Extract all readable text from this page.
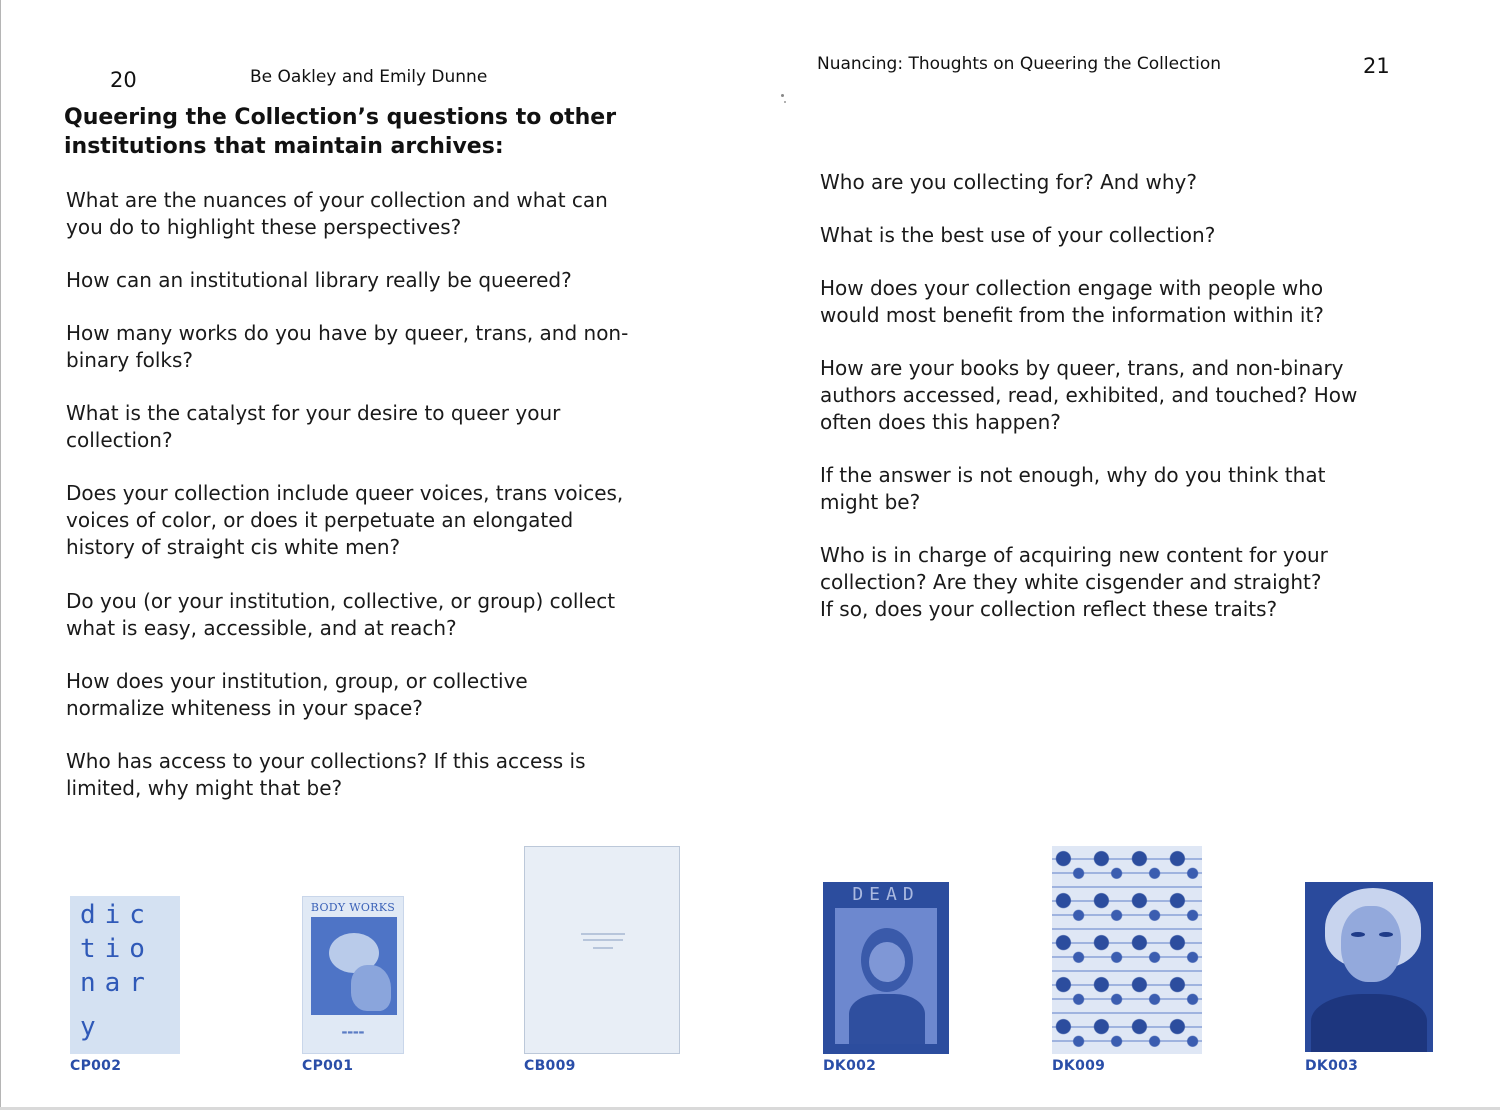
20	Be Oakley and Emily Dunne
Queering the Collection’s questions to other institutions that maintain archives:

What are the nuances of your collection and what can
you do to highlight these perspectives?

How can an institutional library really be queered?

How many works do you have by queer, trans, and non-
binary folks?

What is the catalyst for your desire to queer your
collection?

Does your collection include queer voices, trans voices,
voices of color, or does it perpetuate an elongated
history of straight cis white men?

Do you (or your institution, collective, or group) collect
what is easy, accessible, and at reach?

How does your institution, group, or collective
normalize whiteness in your space?

Who has access to your collections? If this access is
limited, why might that be?

Nuancing: Thoughts on Queering the Collection	21

Who are you collecting for? And why?

What is the best use of your collection?

How does your collection engage with people who
would most benefit from the information within it?

How are your books by queer, trans, and non-binary
authors accessed, read, exhibited, and touched? How
often does this happen?

If the answer is not enough, why do you think that
might be?

Who is in charge of acquiring new content for your
collection? Are they white cisgender and straight?
If so, does your collection reflect these traits?

dic
tio
nar
y
CP002
BODY WORKS
▬▬▬▬
CP001	CB009
DEAD
DK002	DK009	DK003
